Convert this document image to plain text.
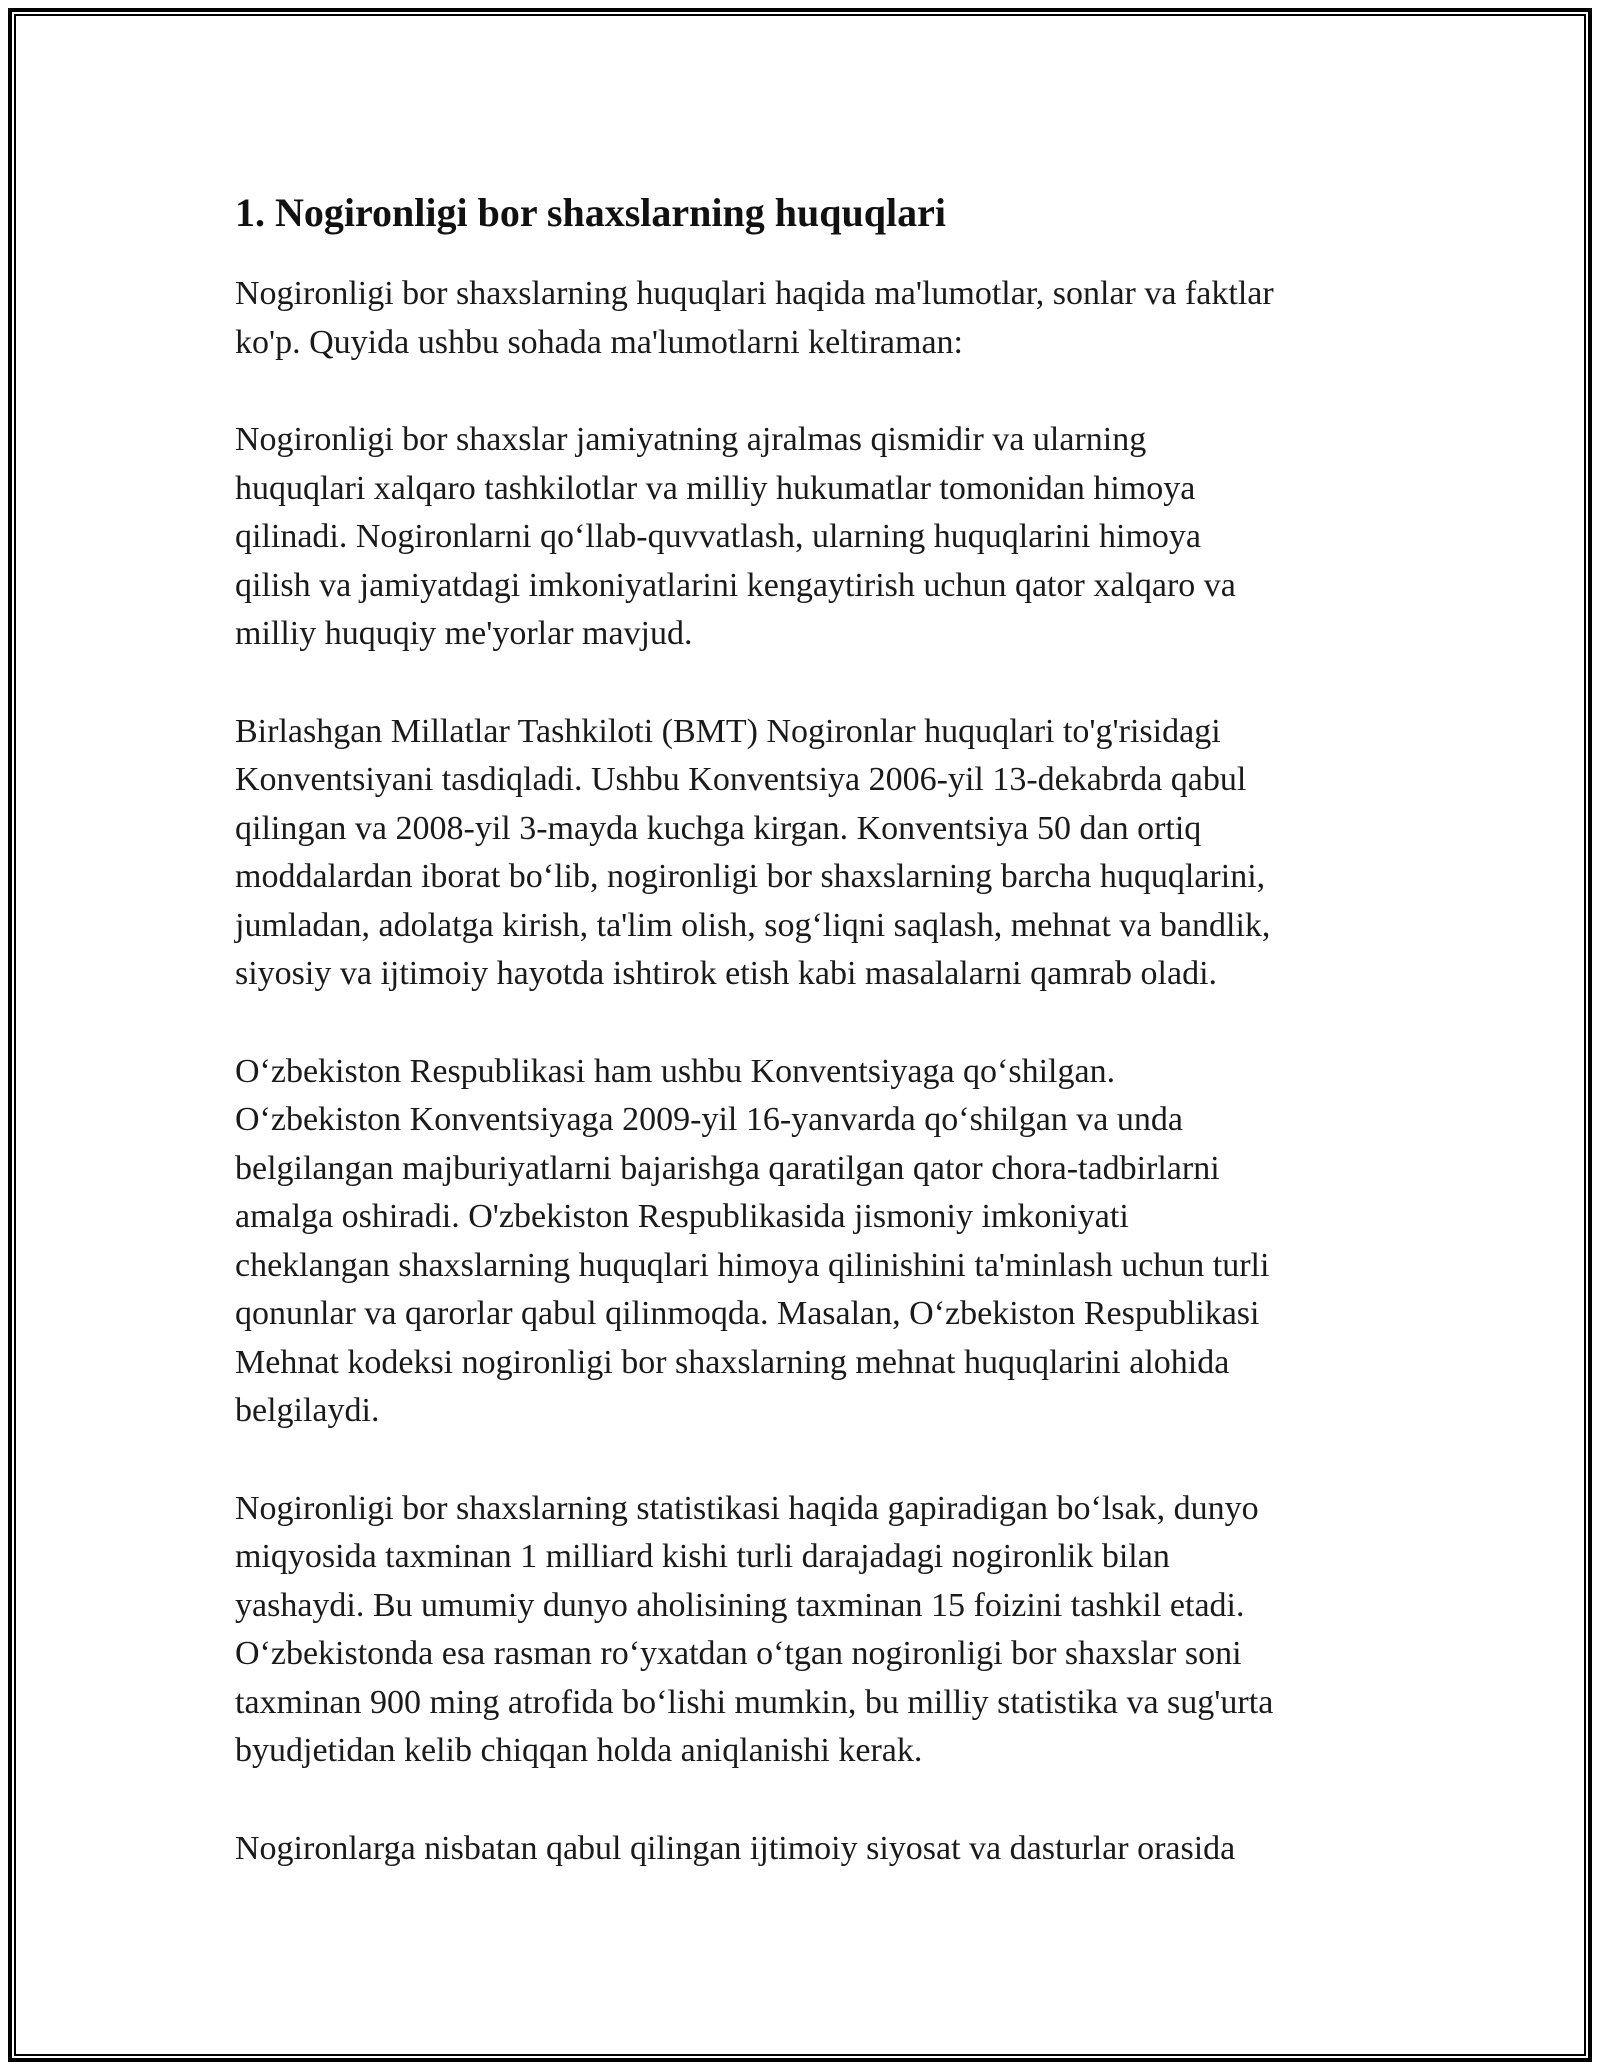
1. Nogironligi bor shaxslarning huquqlari

Nogironligi bor shaxslarning huquqlari haqida ma'lumotlar, sonlar va faktlar
ko'p. Quyida ushbu sohada ma'lumotlarni keltiraman:

Nogironligi bor shaxslar jamiyatning ajralmas qismidir va ularning
huquqlari xalqaro tashkilotlar va milliy hukumatlar tomonidan himoya
qilinadi. Nogironlarni qo‘llab-quvvatlash, ularning huquqlarini himoya
qilish va jamiyatdagi imkoniyatlarini kengaytirish uchun qator xalqaro va
milliy huquqiy me'yorlar mavjud.

Birlashgan Millatlar Tashkiloti (BMT) Nogironlar huquqlari to'g'risidagi
Konventsiyani tasdiqladi. Ushbu Konventsiya 2006-yil 13-dekabrda qabul
qilingan va 2008-yil 3-mayda kuchga kirgan. Konventsiya 50 dan ortiq
moddalardan iborat bo‘lib, nogironligi bor shaxslarning barcha huquqlarini,
jumladan, adolatga kirish, ta'lim olish, sog‘liqni saqlash, mehnat va bandlik,
siyosiy va ijtimoiy hayotda ishtirok etish kabi masalalarni qamrab oladi.

O‘zbekiston Respublikasi ham ushbu Konventsiyaga qo‘shilgan.
O‘zbekiston Konventsiyaga 2009-yil 16-yanvarda qo‘shilgan va unda
belgilangan majburiyatlarni bajarishga qaratilgan qator chora-tadbirlarni
amalga oshiradi. O'zbekiston Respublikasida jismoniy imkoniyati
cheklangan shaxslarning huquqlari himoya qilinishini ta'minlash uchun turli
qonunlar va qarorlar qabul qilinmoqda. Masalan, O‘zbekiston Respublikasi
Mehnat kodeksi nogironligi bor shaxslarning mehnat huquqlarini alohida
belgilaydi.

Nogironligi bor shaxslarning statistikasi haqida gapiradigan bo‘lsak, dunyo
miqyosida taxminan 1 milliard kishi turli darajadagi nogironlik bilan
yashaydi. Bu umumiy dunyo aholisining taxminan 15 foizini tashkil etadi.
O‘zbekistonda esa rasman ro‘yxatdan o‘tgan nogironligi bor shaxslar soni
taxminan 900 ming atrofida bo‘lishi mumkin, bu milliy statistika va sug'urta
byudjetidan kelib chiqqan holda aniqlanishi kerak.

Nogironlarga nisbatan qabul qilingan ijtimoiy siyosat va dasturlar orasida
